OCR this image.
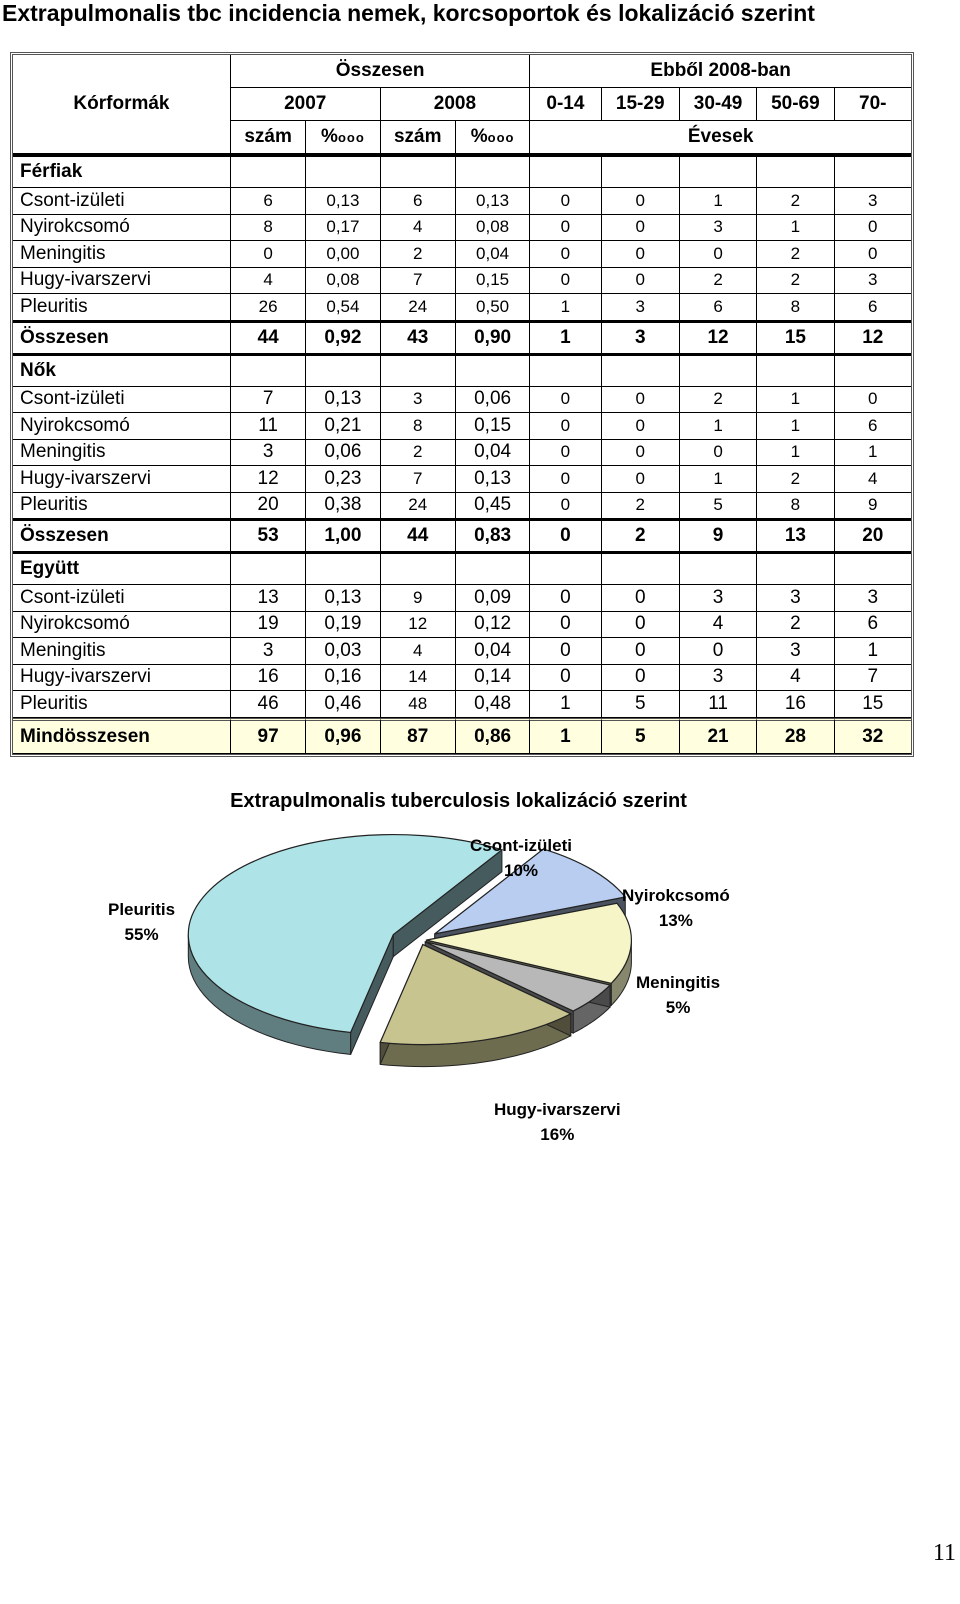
Extrapulmonalis tbc incidencia nemek, korcsoportok és lokalizáció szerint
Kórformák	Összesen				Ebből 2008-ban				
	2007		2008		0-14	15-29	30-49	50-69	70-
	szám	%ooo	szám	%ooo	Évesek				
Férfiak									
Csont-izületi	6	0,13	6	0,13	0	0	1	2	3
Nyirokcsomó	8	0,17	4	0,08	0	0	3	1	0
Meningitis	0	0,00	2	0,04	0	0	0	2	0
Hugy-ivarszervi	4	0,08	7	0,15	0	0	2	2	3
Pleuritis	26	0,54	24	0,50	1	3	6	8	6
Összesen	44	0,92	43	0,90	1	3	12	15	12
Nők									
Csont-izületi	7	0,13	3	0,06	0	0	2	1	0
Nyirokcsomó	11	0,21	8	0,15	0	0	1	1	6
Meningitis	3	0,06	2	0,04	0	0	0	1	1
Hugy-ivarszervi	12	0,23	7	0,13	0	0	1	2	4
Pleuritis	20	0,38	24	0,45	0	2	5	8	9
Összesen	53	1,00	44	0,83	0	2	9	13	20
Együtt									
Csont-izületi	13	0,13	9	0,09	0	0	3	3	3
Nyirokcsomó	19	0,19	12	0,12	0	0	4	2	6
Meningitis	3	0,03	4	0,04	0	0	0	3	1
Hugy-ivarszervi	16	0,16	14	0,14	0	0	3	4	7
Pleuritis	46	0,46	48	0,48	1	5	11	16	15
Mindösszesen	97	0,96	87	0,86	1	5	21	28	32
Extrapulmonalis tuberculosis lokalizáció szerint
Csont-izületi
10%
Nyirokcsomó
13%
Meningitis
5%
Hugy-ivarszervi
16%
Pleuritis
55%
11
